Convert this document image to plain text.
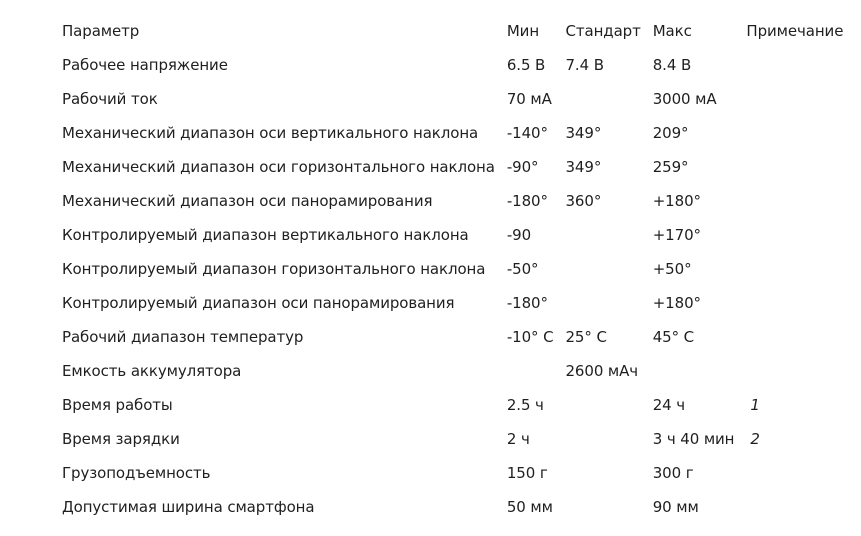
Параметр	Мин	Стандарт	Макс	Примечание
Рабочее напряжение	6.5 В	7.4 В	8.4 В	
Рабочий ток	70 мА		3000 мА	
Механический диапазон оси вертикального наклона	-140°	349°	209°	
Механический диапазон оси горизонтального наклона	-90°	349°	259°	
Механический диапазон оси панорамирования	-180°	360°	+180°	
Контролируемый диапазон вертикального наклона	-90		+170°	
Контролируемый диапазон горизонтального наклона	-50°		+50°	
Контролируемый диапазон оси панорамирования	-180°		+180°	
Рабочий диапазон температур	-10° C	25° C	45° C	
Емкость аккумулятора		2600 мАч		
Время работы	2.5 ч		24 ч	1
Время зарядки	2 ч		3 ч 40 мин	2
Грузоподъемность	150 г		300 г	
Допустимая ширина смартфона	50 мм		90 мм	
